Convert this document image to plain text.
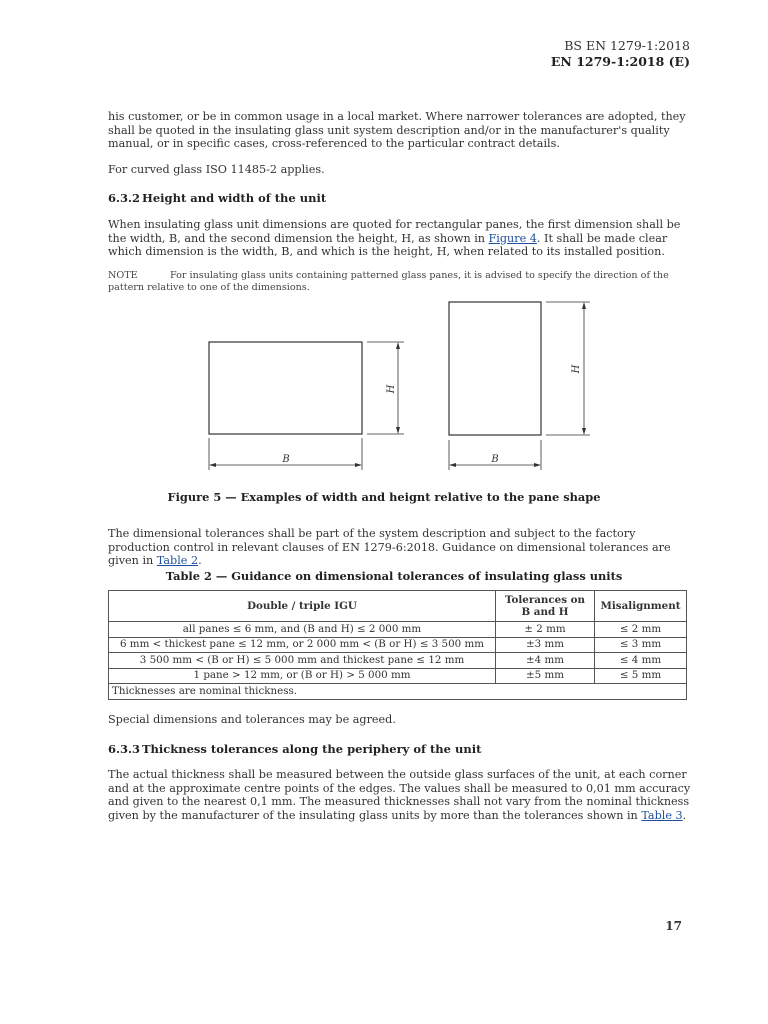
BS EN 1279-1:2018
EN 1279-1:2018 (E)
his customer, or be in common usage in a local market. Where narrower tolerances are adopted, they shall be quoted in the insulating glass unit system description and/or in the manufacturer's quality manual, or in specific cases, cross-referenced to the particular contract details.
For curved glass ISO 11485-2 applies.
6.3.2 Height and width of the unit
When insulating glass unit dimensions are quoted for rectangular panes, the first dimension shall be the width, B, and the second dimension the height, H, as shown in Figure 4. It shall be made clear which dimension is the width, B, and which is the height, H, when related to its installed position.
NOTE	For insulating glass units containing patterned glass panes, it is advised to specify the direction of the pattern relative to one of the dimensions.
B	B
H
H
Figure 5 — Examples of width and heignt relative to the pane shape
The dimensional tolerances shall be part of the system description and subject to the factory production control in relevant clauses of EN 1279-6:2018. Guidance on dimensional tolerances are given in Table 2.
Table 2 — Guidance on dimensional tolerances of insulating glass units
Double / triple IGU	Tolerances on B and H	Misalignment
all panes ≤ 6 mm, and (B and H) ≤ 2 000 mm	± 2 mm	≤ 2 mm
6 mm < thickest pane ≤ 12 mm, or 2 000 mm < (B or H) ≤ 3 500 mm	±3 mm	≤ 3 mm
3 500 mm < (B or H) ≤ 5 000 mm and thickest pane ≤ 12 mm	±4 mm	≤ 4 mm
1 pane > 12 mm, or (B or H) > 5 000 mm	±5 mm	≤ 5 mm
Thicknesses are nominal thickness.		
Special dimensions and tolerances may be agreed.
6.3.3 Thickness tolerances along the periphery of the unit
The actual thickness shall be measured between the outside glass surfaces of the unit, at each corner and at the approximate centre points of the edges. The values shall be measured to 0,01 mm accuracy and given to the nearest 0,1 mm. The measured thicknesses shall not vary from the nominal thickness given by the manufacturer of the insulating glass units by more than the tolerances shown in Table 3.
17
